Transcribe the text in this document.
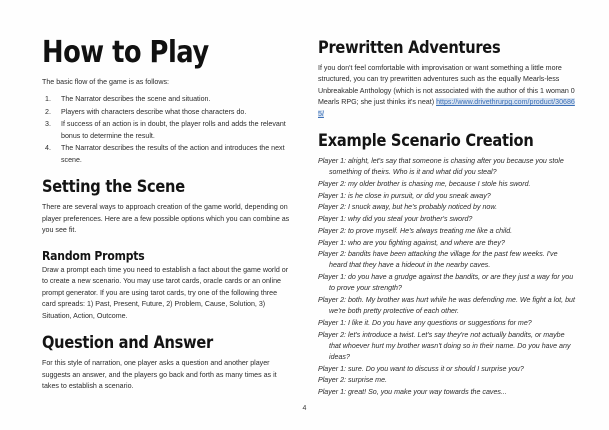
How to Play

The basic flow of the game is as follows:

The Narrator describes the scene and situation.
Players with characters describe what those characters do.
If success of an action is in doubt, the player rolls and adds the relevant bonus to determine the result.
The Narrator describes the results of the action and introduces the next scene.
Setting the Scene

There are several ways to approach creation of the game world, depending on player preferences. Here are a few possible options which you can combine as you see fit.

Random Prompts

Draw a prompt each time you need to establish a fact about the game world or to create a new scenario. You may use tarot cards, oracle cards or an online prompt generator. If you are using tarot cards, try one of the following three card spreads: 1) Past, Present, Future, 2) Problem, Cause, Solution, 3) Situation, Action, Outcome.

Question and Answer

For this style of narration, one player asks a question and another player suggests an answer, and the players go back and forth as many times as it takes to establish a scenario.

Prewritten Adventures

If you don't feel comfortable with improvisation or want something a little more structured, you can try prewritten adventures such as the equally Mearls-less Unbreakable Anthology (which is not associated with the author of this 1 woman 0 Mearls RPG; she just thinks it's neat) https://www.drivethrurpg.com/product/306865/

Example Scenario Creation
Player 1: alright, let's say that someone is chasing after you because you stole something of theirs. Who is it and what did you steal?
Player 2: my older brother is chasing me, because I stole his sword.
Player 1: is he close in pursuit, or did you sneak away?
Player 2: I snuck away, but he's probably noticed by now.
Player 1: why did you steal your brother's sword?
Player 2: to prove myself. He's always treating me like a child.
Player 1: who are you fighting against, and where are they?
Player 2: bandits have been attacking the village for the past few weeks. I've heard that they have a hideout in the nearby caves.
Player 1: do you have a grudge against the bandits, or are they just a way for you to prove your strength?
Player 2: both. My brother was hurt while he was defending me. We fight a lot, but we're both pretty protective of each other.
Player 1: I like it. Do you have any questions or suggestions for me?
Player 2: let's introduce a twist. Let's say they're not actually bandits, or maybe that whoever hurt my brother wasn't doing so in their name. Do you have any ideas?
Player 1: sure. Do you want to discuss it or should I surprise you?
Player 2: surprise me.
Player 1: great! So, you make your way towards the caves...
4
